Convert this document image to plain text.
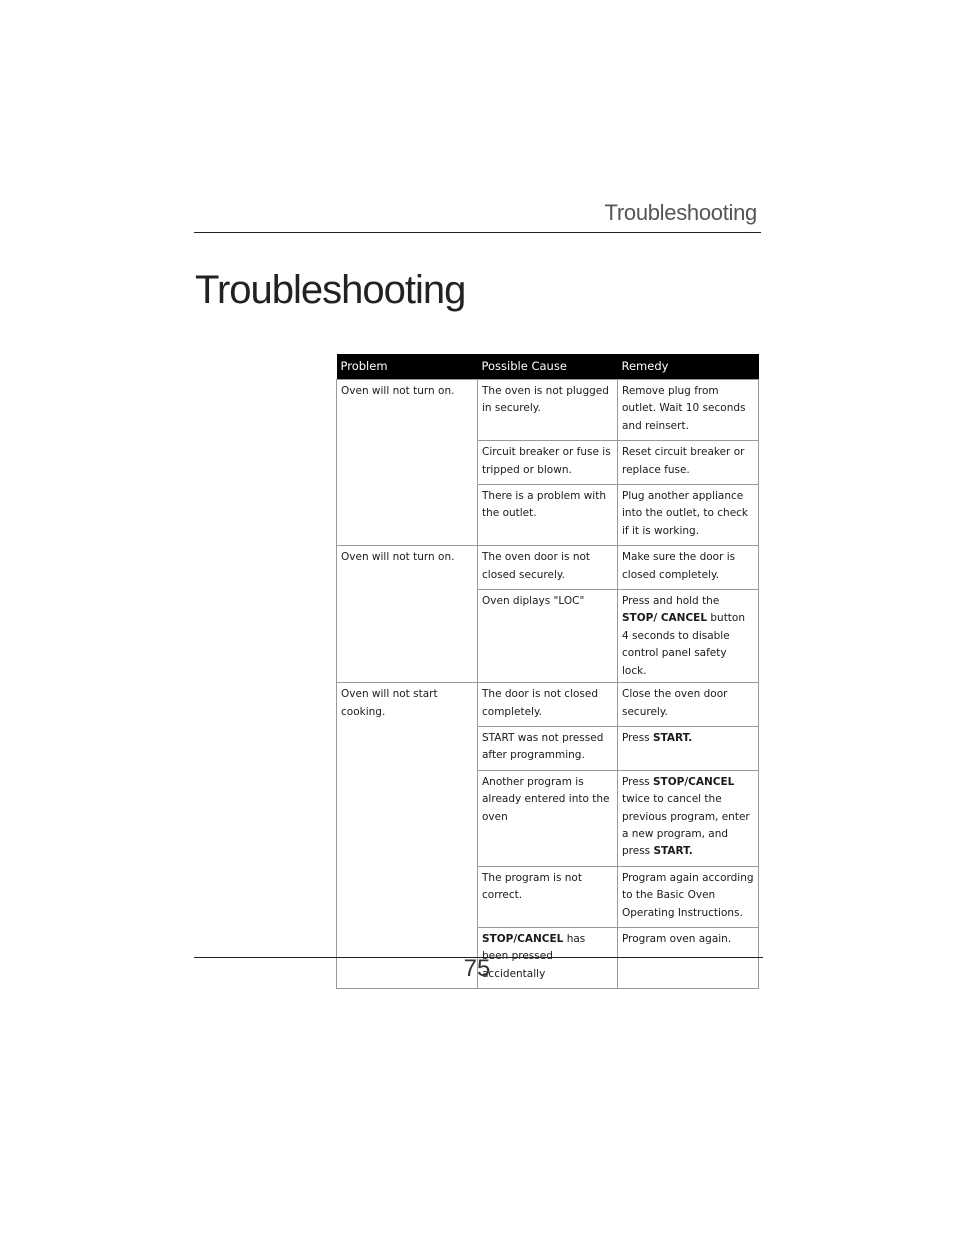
Troubleshooting
Troubleshooting
Problem	Possible Cause	Remedy
Oven will not turn on.	The oven is not plugged in securely.	Remove plug from outlet. Wait 10 seconds and reinsert.
	Circuit breaker or fuse is tripped or blown.	Reset circuit breaker or replace fuse.
	There is a problem with the outlet.	Plug another appliance into the outlet, to check if it is working.
Oven will not turn on.	The oven door is not closed securely.	Make sure the door is closed completely.
	Oven diplays "LOC"	Press and hold the STOP/ CANCEL button 4 seconds to disable control panel safety lock.
Oven will not start cooking.	The door is not closed completely.	Close the oven door securely.
	START was not pressed after programming.	Press START.
	Another program is already entered into the oven	Press STOP/CANCEL twice to cancel the previous program, enter a new program, and press START.
	The program is not correct.	Program again according to the Basic Oven Operating Instructions.
	STOP/CANCEL has been pressed accidentally	Program oven again.
75
